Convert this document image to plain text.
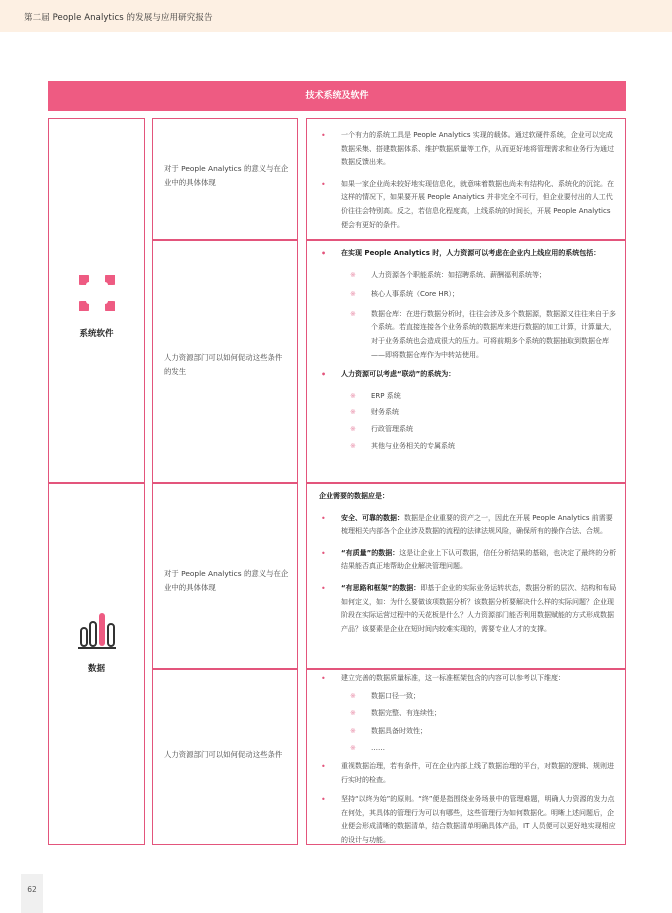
第二届 People Analytics 的发展与应用研究报告
技术系统及软件
系统软件
对于 People Analytics 的意义与在企业中的具体体现
• 一个有力的系统工具是 People Analytics 实现的载体。通过软硬件系统，企业可以完成数据采集、搭建数据体系、维护数据质量等工作，从而更好地将管理需求和业务行为通过数据反馈出来。
• 如果一家企业尚未较好地实现信息化，就意味着数据也尚未有结构化、系统化的沉淀。在这样的情况下，如果要开展 People Anaiytics 并非完全不可行，但企业要付出的人工代价往往会特别高。反之，若信息化程度高，上线系统的时间长，开展 People Analytics 便会有更好的条件。
人力资源部门可以如何促动这些条件的发生
• 在实现 People Analytics 时，人力资源可以考虑在企业内上线应用的系统包括：
※ 人力资源各个职能系统：如招聘系统、薪酬福利系统等；
※ 核心人事系统（Core HR）；
※ 数据仓库：在进行数据分析时，往往会涉及多个数据源，数据源又往往来自于多个系统。若直接连接各个业务系统的数据库来进行数据的加工计算，计算量大，对于业务系统也会造成很大的压力。可将前期多个系统的数据抽取到数据仓库——即将数据仓库作为中转站使用。
• 人力资源可以考虑“联动”的系统为：
※ ERP 系统
※ 财务系统
※ 行政管理系统
※ 其他与业务相关的专属系统
数据
对于 People Analytics 的意义与在企业中的具体体现
企业需要的数据应是：
• 安全、可靠的数据：数据是企业重要的资产之一，因此在开展 People Analytics 前需要梳理相关内部各个企业涉及数据的流程的法律法规风险，确保所有的操作合法、合规。
• “有质量”的数据：这是让企业上下认可数据，信任分析结果的基础，也决定了最终的分析结果能否真正地帮助企业解决管理问题。
• “有思路和框架”的数据：即基于企业的实际业务运转状态，数据分析的层次、结构和布局如何定义，如：为什么要做该项数据分析？该数据分析要解决什么样的实际问题？企业现阶段在实际运营过程中的天花板是什么？人力资源部门能否利用数据赋能的方式形成数据产品？该要素是企业在短时间内较难实现的，需要专业人才的支撑。
人力资源部门可以如何促动这些条件
• 建立完善的数据质量标准，这一标准框架包含的内容可以参考以下维度：
※ 数据口径一致；
※ 数据完整、有连续性；
※ 数据具备时效性；
※ ……
• 重视数据治理，若有条件，可在企业内部上线了数据治理的平台，对数据的逻辑、规则进行实时的检查。
• 坚持“以终为始”的原则。“终”便是指围绕业务场景中的管理难题，明确人力资源的发力点在何处，其具体的管理行为可以有哪些，这些管理行为如何数据化。明晰上述问题后，企业便会形成清晰的数据清单，结合数据清单明确具体产品，IT 人员便可以更好地实现相应的设计与功能。
62
